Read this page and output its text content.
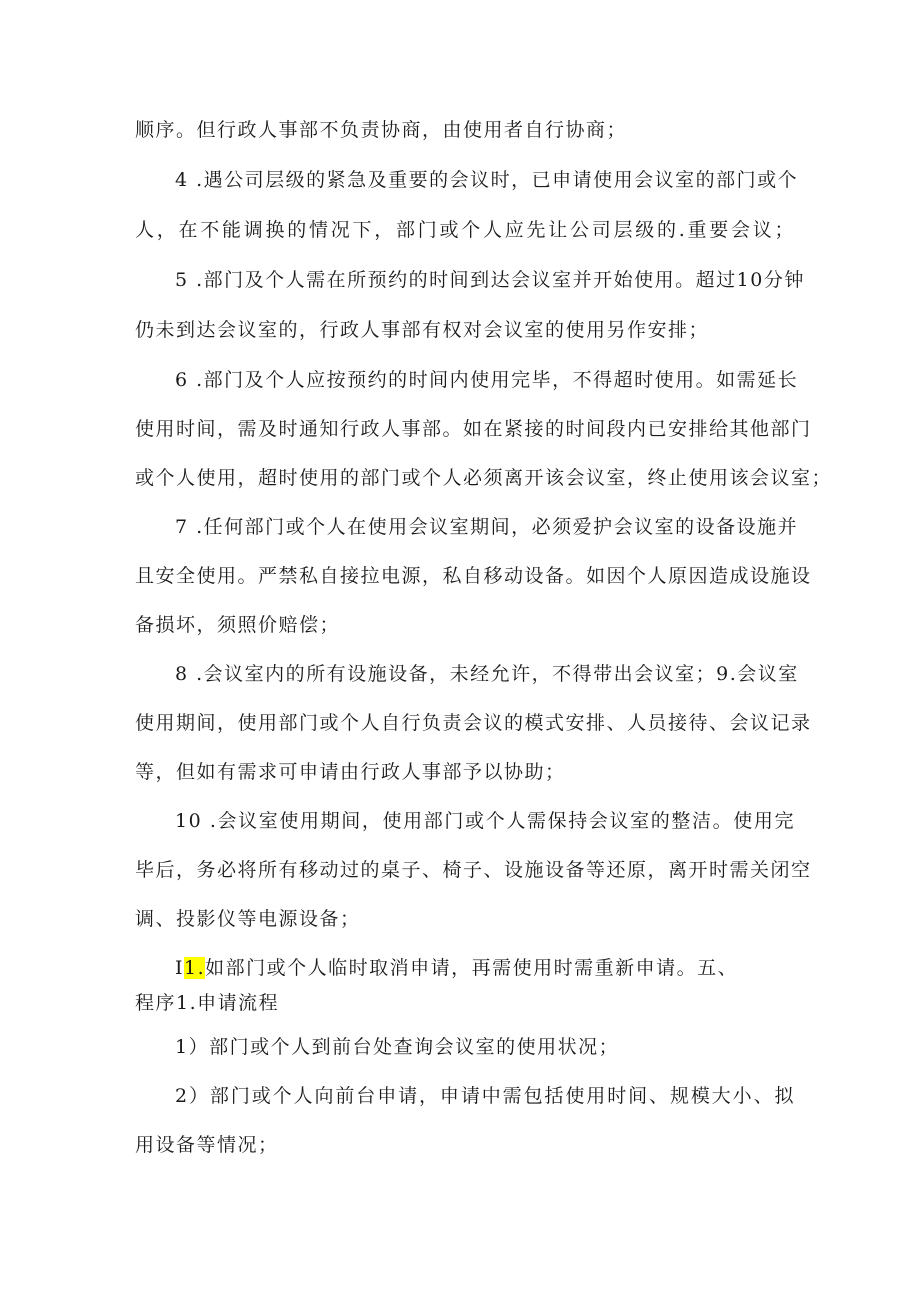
顺序。但行政人事部不负责协商，由使用者自行协商；
4 .遇公司层级的紧急及重要的会议时，已申请使用会议室的部门或个
人，在不能调换的情况下，部门或个人应先让公司层级的.重要会议；
5 .部门及个人需在所预约的时间到达会议室并开始使用。超过10分钟
仍未到达会议室的，行政人事部有权对会议室的使用另作安排；
6 .部门及个人应按预约的时间内使用完毕，不得超时使用。如需延长
使用时间，需及时通知行政人事部。如在紧接的时间段内已安排给其他部门
或个人使用，超时使用的部门或个人必须离开该会议室，终止使用该会议室；
7 .任何部门或个人在使用会议室期间，必须爱护会议室的设备设施并
且安全使用。严禁私自接拉电源，私自移动设备。如因个人原因造成设施设
备损坏，须照价赔偿；
8 .会议室内的所有设施设备，未经允许，不得带出会议室；9.会议室
使用期间，使用部门或个人自行负责会议的模式安排、人员接待、会议记录
等，但如有需求可申请由行政人事部予以协助；
10 .会议室使用期间，使用部门或个人需保持会议室的整洁。使用完
毕后，务必将所有移动过的桌子、椅子、设施设备等还原，离开时需关闭空
调、投影仪等电源设备；
I1.如部门或个人临时取消申请，再需使用时需重新申请。五、
程序1.申请流程
1）部门或个人到前台处查询会议室的使用状况；
2）部门或个人向前台申请，申请中需包括使用时间、规模大小、拟
用设备等情况；
